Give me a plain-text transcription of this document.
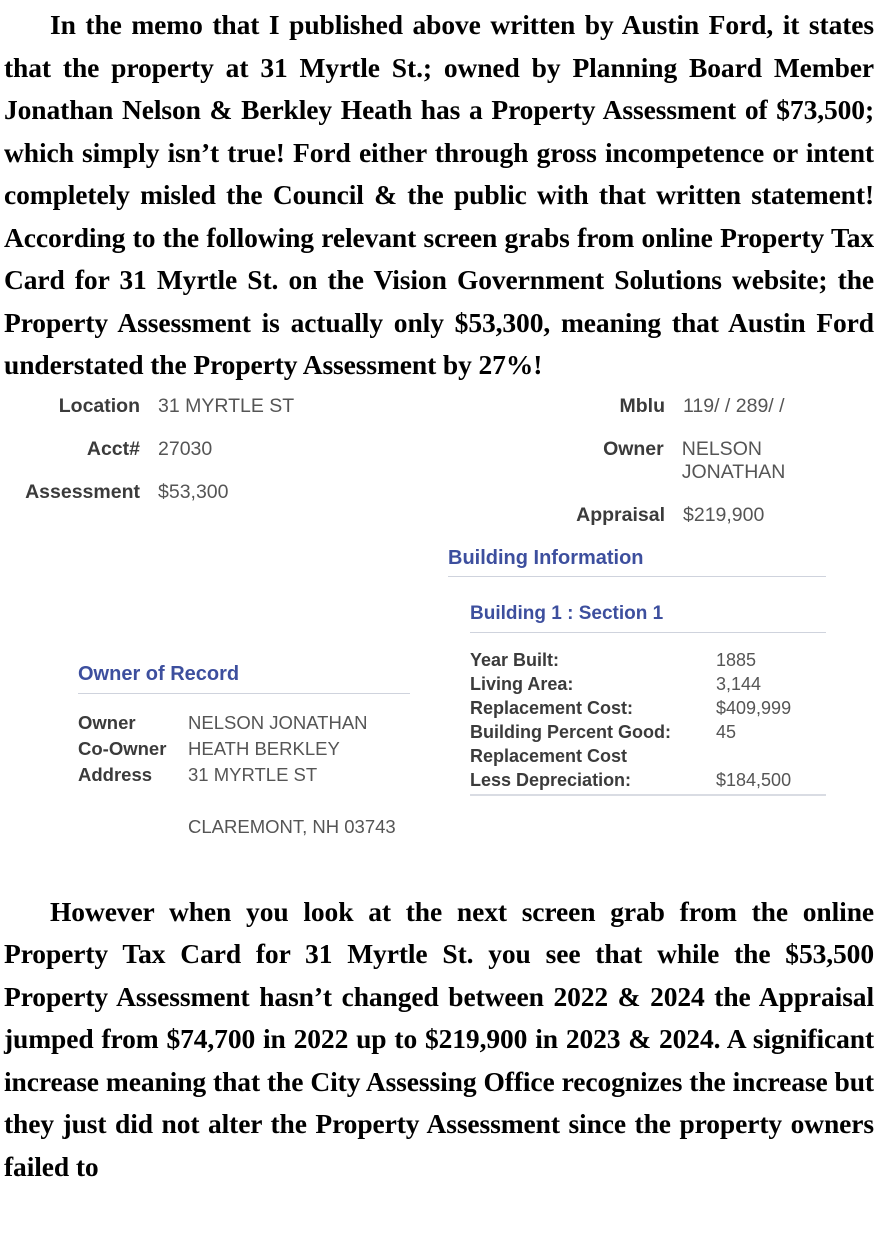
In the memo that I published above written by Austin Ford, it states that the property at 31 Myrtle St.; owned by Planning Board Member Jonathan Nelson & Berkley Heath has a Property Assessment of $73,500; which simply isn’t true! Ford either through gross incompetence or intent completely misled the Council & the public with that written statement! According to the following relevant screen grabs from online Property Tax Card for 31 Myrtle St. on the Vision Government Solutions website; the Property Assessment is actually only $53,300, meaning that Austin Ford understated the Property Assessment by 27%!

Location 31 MYRTLE ST
Acct# 27030
Assessment $53,300
Mblu 119/ / 289/ /
Owner NELSON JONATHAN
Appraisal $219,900
Building Information
Building 1 : Section 1
Year Built:	1885
Living Area:	3,144
Replacement Cost:	$409,999
Building Percent Good:	45
Replacement Cost	
Less Depreciation:	$184,500
Owner of Record
Owner	NELSON JONATHAN
Co-Owner	HEATH BERKLEY
Address	31 MYRTLE ST

	CLAREMONT, NH 03743

However when you look at the next screen grab from the online Property Tax Card for 31 Myrtle St. you see that while the $53,500 Property Assessment hasn’t changed between 2022 & 2024 the Appraisal jumped from $74,700 in 2022 up to $219,900 in 2023 & 2024. A significant increase meaning that the City Assessing Office recognizes the increase but they just did not alter the Property Assessment since the property owners failed to
